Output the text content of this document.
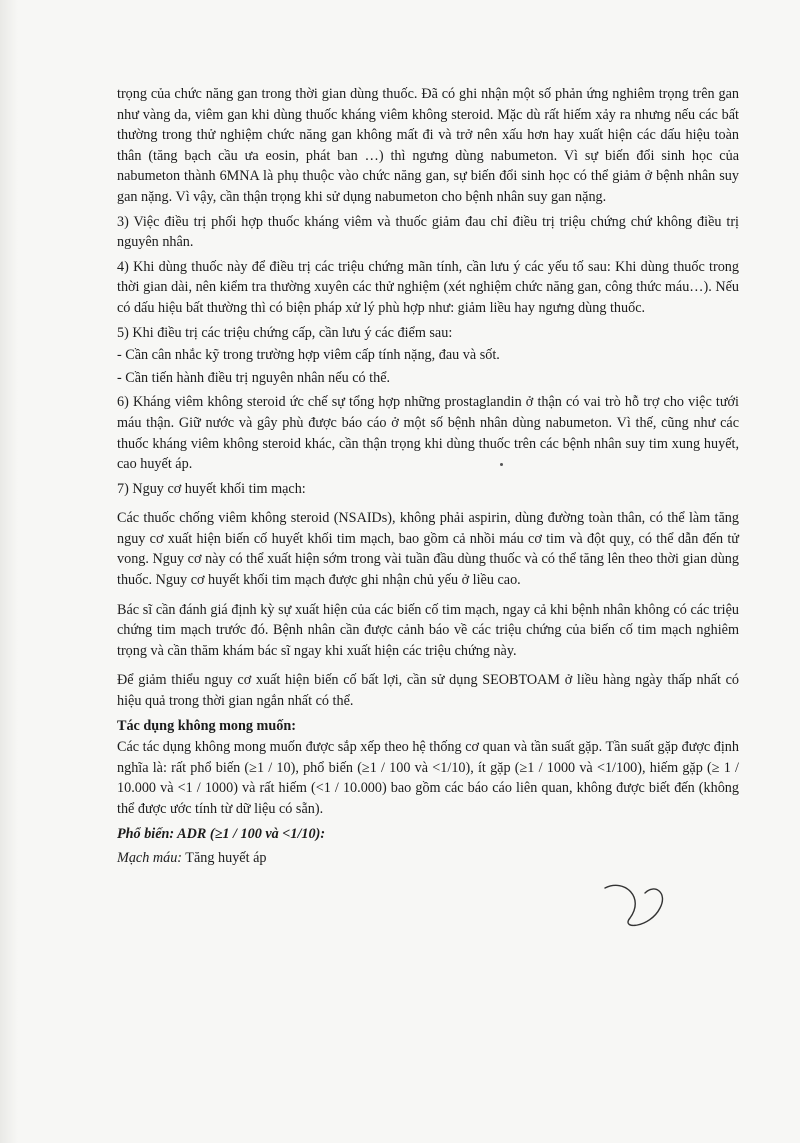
trọng của chức năng gan trong thời gian dùng thuốc. Đã có ghi nhận một số phản ứng nghiêm trọng trên gan như vàng da, viêm gan khi dùng thuốc kháng viêm không steroid. Mặc dù rất hiếm xảy ra nhưng nếu các bất thường trong thử nghiệm chức năng gan không mất đi và trở nên xấu hơn hay xuất hiện các dấu hiệu toàn thân (tăng bạch cầu ưa eosin, phát ban …) thì ngưng dùng nabumeton. Vì sự biến đổi sinh học của nabumeton thành 6MNA là phụ thuộc vào chức năng gan, sự biến đổi sinh học có thể giảm ở bệnh nhân suy gan nặng. Vì vậy, cần thận trọng khi sử dụng nabumeton cho bệnh nhân suy gan nặng.

3) Việc điều trị phối hợp thuốc kháng viêm và thuốc giảm đau chỉ điều trị triệu chứng chứ không điều trị nguyên nhân.

4) Khi dùng thuốc này để điều trị các triệu chứng mãn tính, cần lưu ý các yếu tố sau: Khi dùng thuốc trong thời gian dài, nên kiểm tra thường xuyên các thử nghiệm (xét nghiệm chức năng gan, công thức máu…). Nếu có dấu hiệu bất thường thì có biện pháp xử lý phù hợp như: giảm liều hay ngưng dùng thuốc.

5) Khi điều trị các triệu chứng cấp, cần lưu ý các điểm sau:

- Cần cân nhắc kỹ trong trường hợp viêm cấp tính nặng, đau và sốt.

- Cần tiến hành điều trị nguyên nhân nếu có thể.

6) Kháng viêm không steroid ức chế sự tổng hợp những prostaglandin ở thận có vai trò hỗ trợ cho việc tưới máu thận. Giữ nước và gây phù được báo cáo ở một số bệnh nhân dùng nabumeton. Vì thế, cũng như các thuốc kháng viêm không steroid khác, cần thận trọng khi dùng thuốc trên các bệnh nhân suy tim xung huyết, cao huyết áp.

7) Nguy cơ huyết khối tim mạch:

Các thuốc chống viêm không steroid (NSAIDs), không phải aspirin, dùng đường toàn thân, có thể làm tăng nguy cơ xuất hiện biến cố huyết khối tim mạch, bao gồm cả nhồi máu cơ tim và đột quỵ, có thể dẫn đến tử vong. Nguy cơ này có thể xuất hiện sớm trong vài tuần đầu dùng thuốc và có thể tăng lên theo thời gian dùng thuốc. Nguy cơ huyết khối tim mạch được ghi nhận chủ yếu ở liều cao.

Bác sĩ cần đánh giá định kỳ sự xuất hiện của các biến cố tim mạch, ngay cả khi bệnh nhân không có các triệu chứng tim mạch trước đó. Bệnh nhân cần được cảnh báo về các triệu chứng của biến cố tim mạch nghiêm trọng và cần thăm khám bác sĩ ngay khi xuất hiện các triệu chứng này.

Để giảm thiểu nguy cơ xuất hiện biến cố bất lợi, cần sử dụng SEOBTOAM ở liều hàng ngày thấp nhất có hiệu quả trong thời gian ngắn nhất có thể.

Tác dụng không mong muốn:

Các tác dụng không mong muốn được sắp xếp theo hệ thống cơ quan và tần suất gặp. Tần suất gặp được định nghĩa là: rất phổ biến (≥1 / 10), phổ biến (≥1 / 100 và <1/10), ít gặp (≥1 / 1000 và <1/100), hiếm gặp (≥ 1 / 10.000 và <1 / 1000) và rất hiếm (<1 / 10.000) bao gồm các báo cáo liên quan, không được biết đến (không thể được ước tính từ dữ liệu có sẵn).

Phổ biến: ADR (≥1 / 100 và <1/10):

Mạch máu: Tăng huyết áp
